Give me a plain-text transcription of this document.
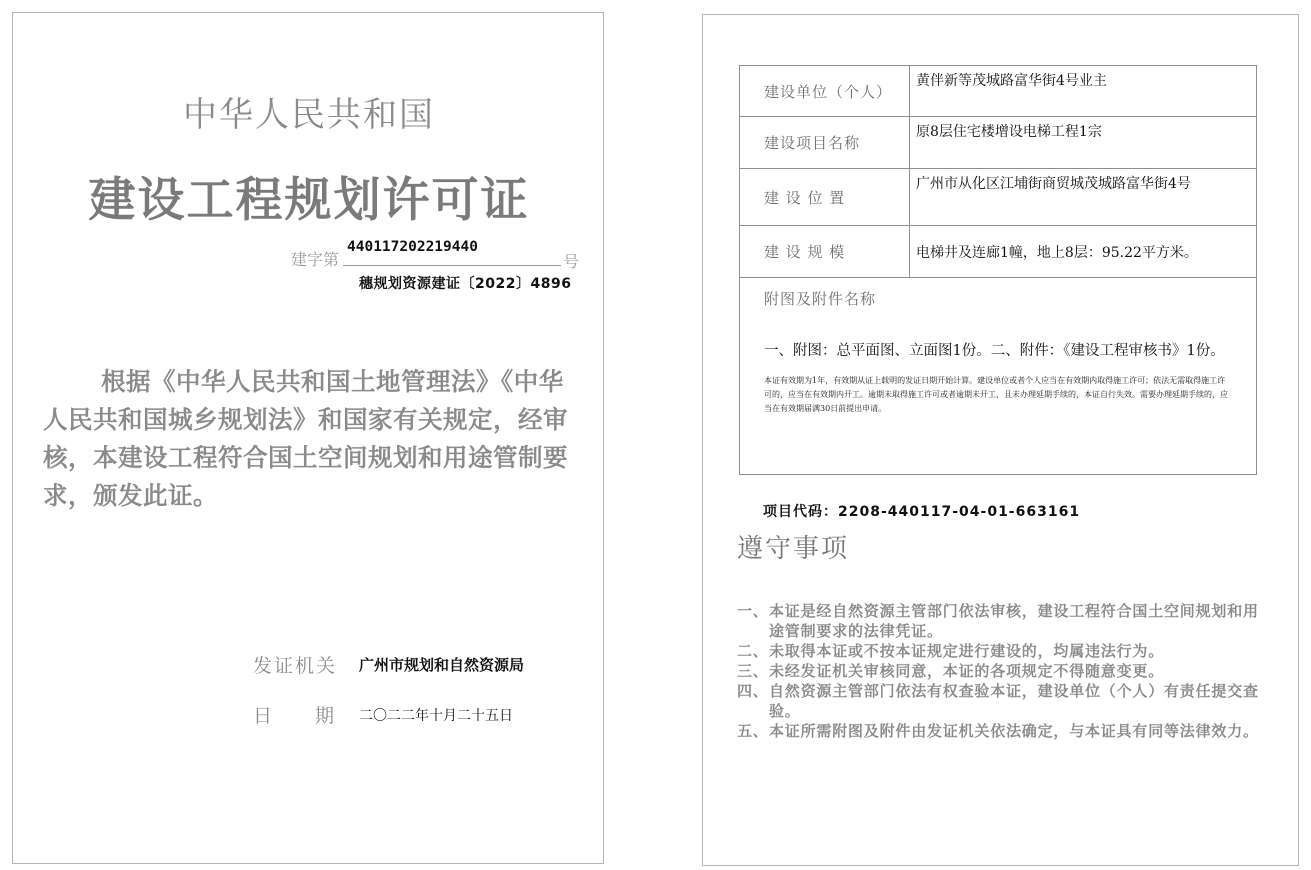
中华人民共和国
建设工程规划许可证
建字第
440117202219440
号
穗规划资源建证〔2022〕4896
根据《中华人民共和国土地管理法》《中华人民共和国城乡规划法》和国家有关规定，经审核，本建设工程符合国土空间规划和用途管制要求，颁发此证。
发证机关 广州市规划和自然资源局
日 期 二〇二二年十月二十五日
建设单位（个人）	黄伴新等茂城路富华街4号业主
建设项目名称	原8层住宅楼增设电梯工程1宗
建 设 位 置	广州市从化区江埔街商贸城茂城路富华街4号
建 设 规 模	电梯井及连廊1幢，地上8层：95.22平方米。

附图及附件名称
一、附图：总平面图、立面图1份。二、附件：《建设工程审核书》1份。
本证有效期为1年，有效期从证上载明的发证日期开始计算。建设单位或者个人应当在有效期内取得施工许可；依法无需取得施工许可的，应当在有效期内开工。逾期未取得施工许可或者逾期未开工，且未办理延期手续的，本证自行失效。需要办理延期手续的，应当在有效期届满30日前提出申请。	
项目代码：2208-440117-04-01-663161
遵守事项
一、 本证是经自然资源主管部门依法审核，建设工程符合国土空间规划和用途管制要求的法律凭证。
二、 未取得本证或不按本证规定进行建设的，均属违法行为。
三、 未经发证机关审核同意，本证的各项规定不得随意变更。
四、 自然资源主管部门依法有权查验本证，建设单位（个人）有责任提交查验。
五、 本证所需附图及附件由发证机关依法确定，与本证具有同等法律效力。
